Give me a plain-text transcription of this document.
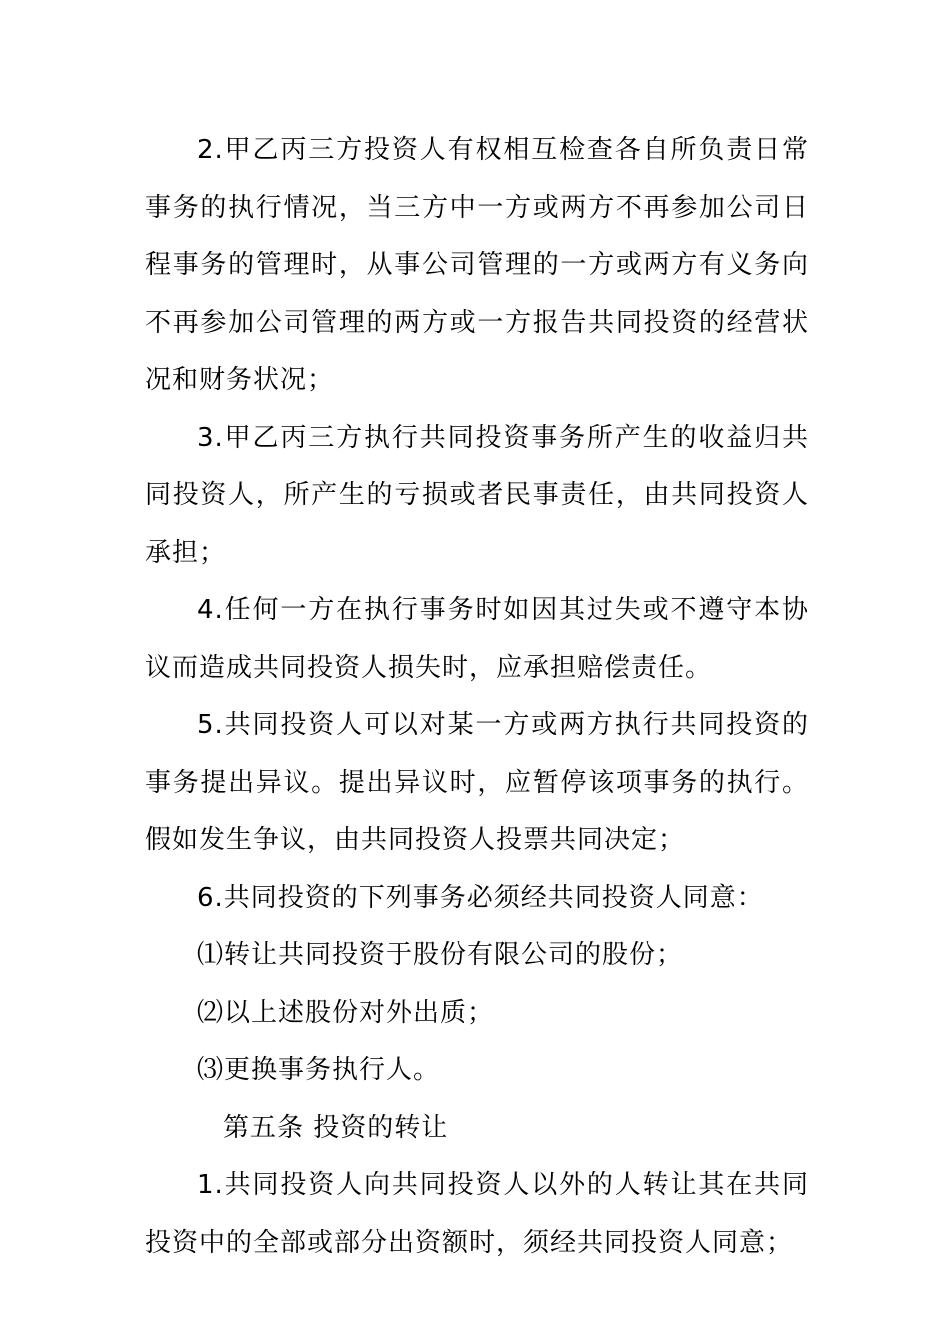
2.甲乙丙三方投资人有权相互检查各自所负责日常事务的执行情况，当三方中一方或两方不再参加公司日程事务的管理时，从事公司管理的一方或两方有义务向不再参加公司管理的两方或一方报告共同投资的经营状况和财务状况；

3.甲乙丙三方执行共同投资事务所产生的收益归共同投资人，所产生的亏损或者民事责任，由共同投资人承担；

4.任何一方在执行事务时如因其过失或不遵守本协议而造成共同投资人损失时，应承担赔偿责任。

5.共同投资人可以对某一方或两方执行共同投资的事务提出异议。提出异议时，应暂停该项事务的执行。假如发生争议，由共同投资人投票共同决定；

6.共同投资的下列事务必须经共同投资人同意：

⑴转让共同投资于股份有限公司的股份；

⑵以上述股份对外出质；

⑶更换事务执行人。

第五条 投资的转让

1.共同投资人向共同投资人以外的人转让其在共同投资中的全部或部分出资额时，须经共同投资人同意；
